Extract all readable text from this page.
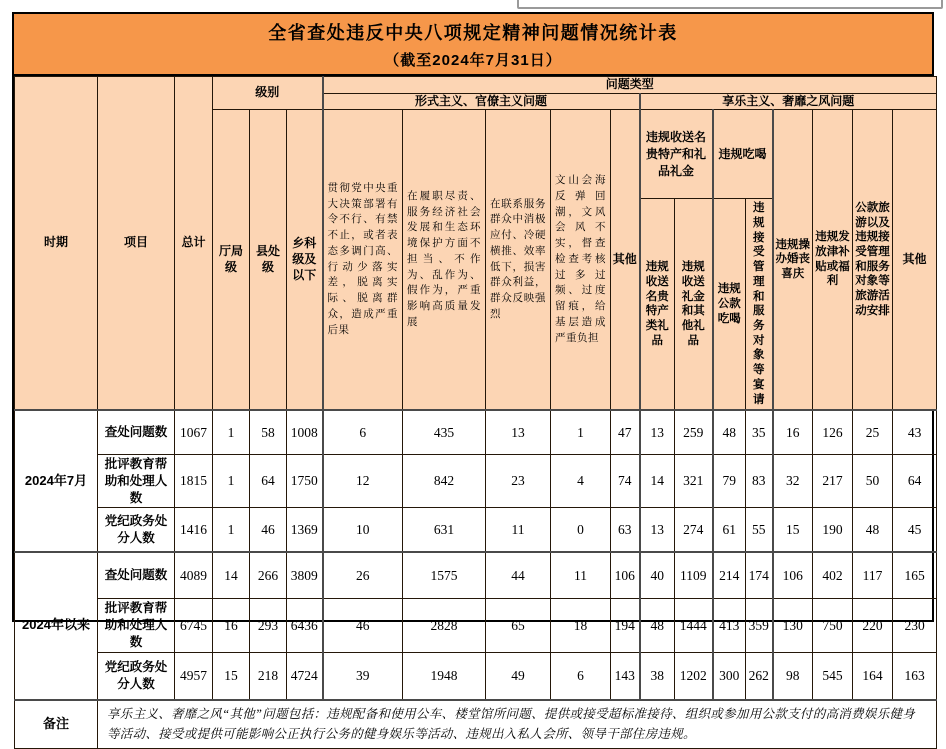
全省查处违反中央八项规定精神问题情况统计表
（截至2024年7月31日）
时期	项目	总计	级别			问题类型												
						形式主义、官僚主义问题					享乐主义、奢靡之风问题							
			厅局级	县处级	乡科级及以下	贯彻党中央重大决策部署有令不行、有禁不止，或者表态多调门高、行动少落实差，脱离实际、脱离群众，造成严重后果	在履职尽责、服务经济社会发展和生态环境保护方面不担当、不作为、乱作为、假作为，严重影响高质量发展	在联系服务群众中消极应付、冷硬横推、效率低下，损害群众利益，群众反映强烈	文山会海反弹回潮，文风会风不实，督查检查考核过多过频、过度留痕，给基层造成严重负担	其他	违规收送名贵特产和礼品礼金		违规吃喝		违规操办婚丧喜庆	违规发放津补贴或福利	公款旅游以及违规接受管理和服务对象等旅游活动安排	其他
											违规收送名贵特产类礼品	违规收送礼金和其他礼品	违规公款吃喝	违规接受管理和服务对象等宴请				
2024年7月	查处问题数	1067	1	58	1008	6	435	13	1	47	13	259	48	35	16	126	25	43
	批评教育帮助和处理人数	1815	1	64	1750	12	842	23	4	74	14	321	79	83	32	217	50	64
	党纪政务处分人数	1416	1	46	1369	10	631	11	0	63	13	274	61	55	15	190	48	45
2024年以来	查处问题数	4089	14	266	3809	26	1575	44	11	106	40	1109	214	174	106	402	117	165
	批评教育帮助和处理人数	6745	16	293	6436	46	2828	65	18	194	48	1444	413	359	130	750	220	230
	党纪政务处分人数	4957	15	218	4724	39	1948	49	6	143	38	1202	300	262	98	545	164	163
备注	享乐主义、奢靡之风“其他”问题包括：违规配备和使用公车、楼堂馆所问题、提供或接受超标准接待、组织或参加用公款支付的高消费娱乐健身等活动、接受或提供可能影响公正执行公务的健身娱乐等活动、违规出入私人会所、领导干部住房违规。																	
